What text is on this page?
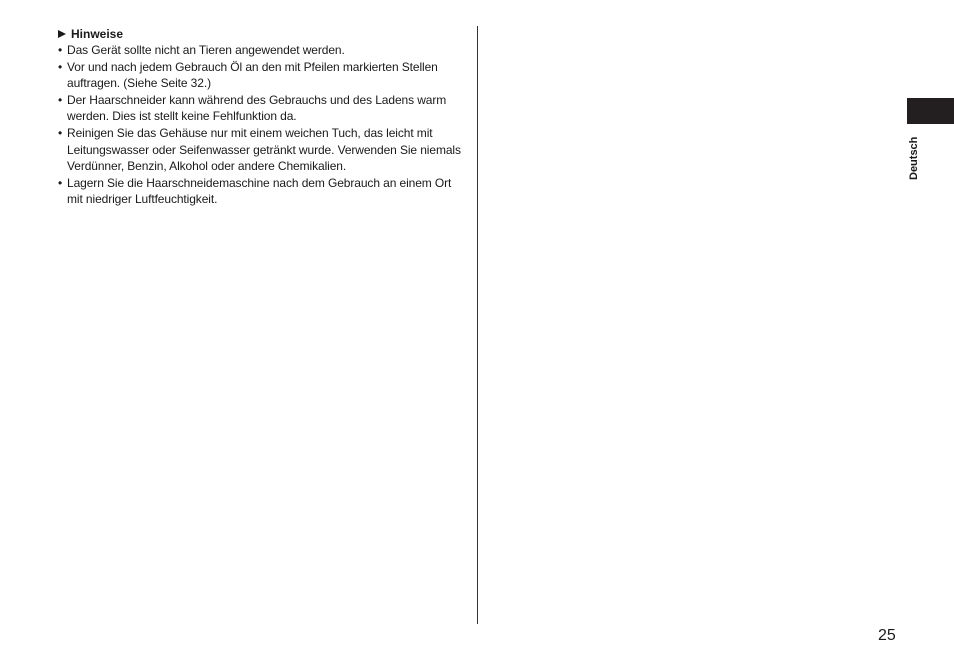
Hinweise
• Das Gerät sollte nicht an Tieren angewendet werden.
• Vor und nach jedem Gebrauch Öl an den mit Pfeilen markierten Stellen auftragen. (Siehe Seite 32.)
• Der Haarschneider kann während des Gebrauchs und des Ladens warm werden. Dies ist stellt keine Fehlfunktion da.
• Reinigen Sie das Gehäuse nur mit einem weichen Tuch, das leicht mit Leitungswasser oder Seifenwasser getränkt wurde. Verwenden Sie niemals Verdünner, Benzin, Alkohol oder andere Chemikalien.
• Lagern Sie die Haarschneidemaschine nach dem Gebrauch an einem Ort mit niedriger Luftfeuchtigkeit.
Deutsch
25
